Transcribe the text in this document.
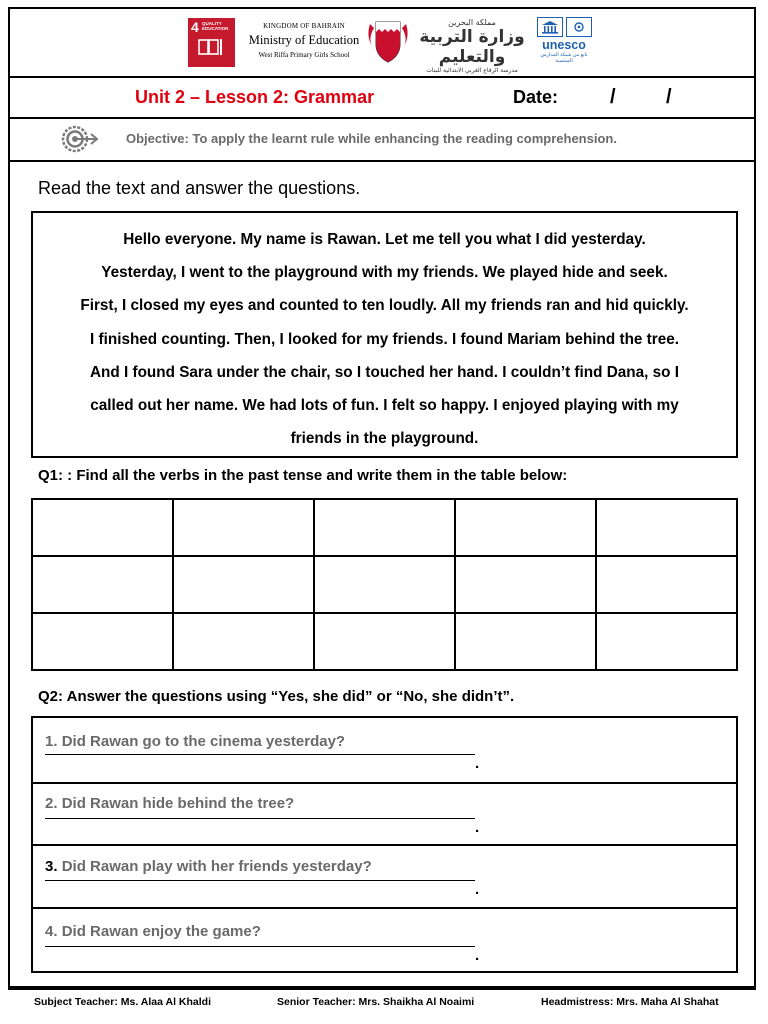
4 QUALITY EDUCATION	KINGDOM OF BAHRAIN
Ministry of Education
West Riffa Primary Girls School
مملكة البحرين
وزارة التربية والتعليم
مدرسة الرفاع الغربي الابتدائية للبنات
unesco
تابع من شبكة المدارس المنتسبة
Unit 2 – Lesson 2: Grammar	Date:	/	/
Objective: To apply the learnt rule while enhancing the reading comprehension.
Read the text and answer the questions.

Hello everyone. My name is Rawan. Let me tell you what I did yesterday.

Yesterday, I went to the playground with my friends. We played hide and seek.

First, I closed my eyes and counted to ten loudly. All my friends ran and hid quickly.

I finished counting. Then, I looked for my friends. I found Mariam behind the tree.

And I found Sara under the chair, so I touched her hand. I couldn’t find Dana, so I

called out her name. We had lots of fun. I felt so happy. I enjoyed playing with my

friends in the playground.

Q1: : Find all the verbs in the past tense and write them in the table below:

Q2: Answer the questions using “Yes, she did” or “No, she didn’t”.
1. Did Rawan go to the cinema yesterday?
.
2. Did Rawan hide behind the tree?
.
3. Did Rawan play with her friends yesterday?
.
4. Did Rawan enjoy the game?
.
Subject Teacher: Ms. Alaa Al Khaldi	Senior Teacher: Mrs. Shaikha Al Noaimi	Headmistress: Mrs. Maha Al Shahat
